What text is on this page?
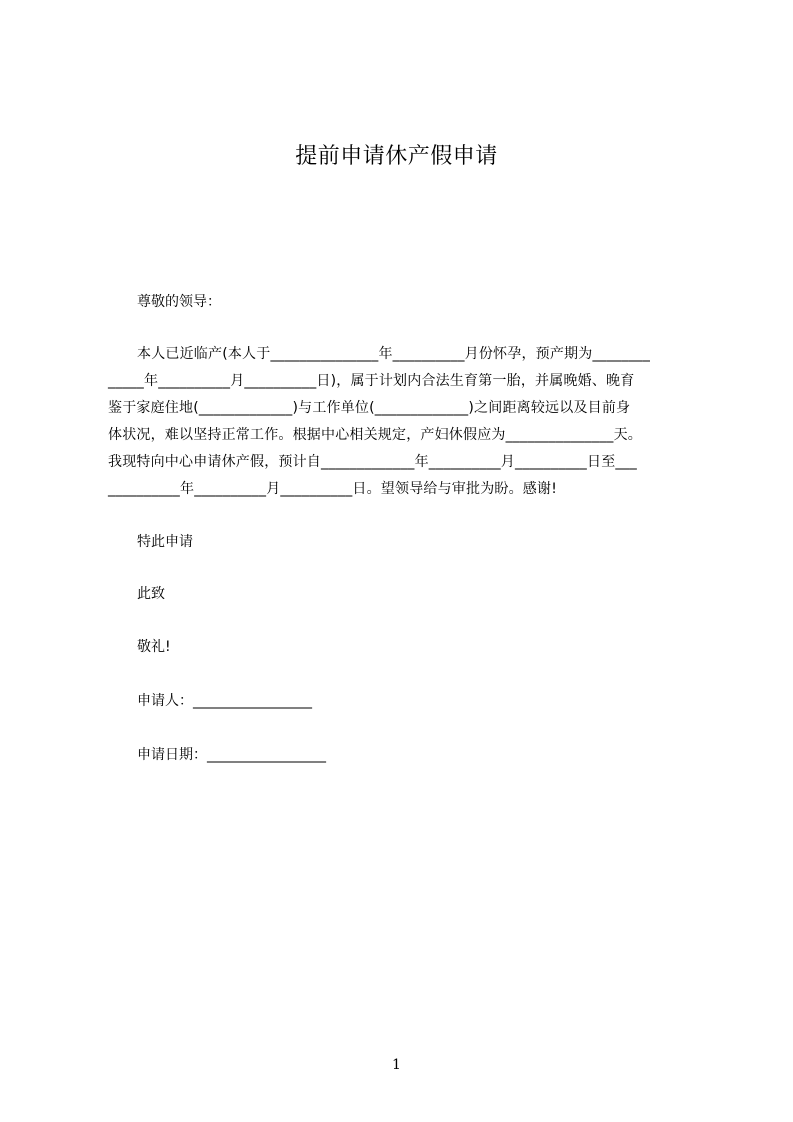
提前申请休产假申请
尊敬的领导：
本人已近临产(本人于_______________年__________月份怀孕，预产期为________
_____年__________月__________日)，属于计划内合法生育第一胎，并属晚婚、晚育
鉴于家庭住地(_____________)与工作单位(_____________)之间距离较远以及目前身
体状况，难以坚持正常工作。根据中心相关规定，产妇休假应为_______________天。
我现特向中心申请休产假，预计自_____________年__________月__________日至___
__________年__________月__________日。望领导给与审批为盼。感谢!
特此申请
此致
敬礼!
申请人：_________________
申请日期：_________________
1
